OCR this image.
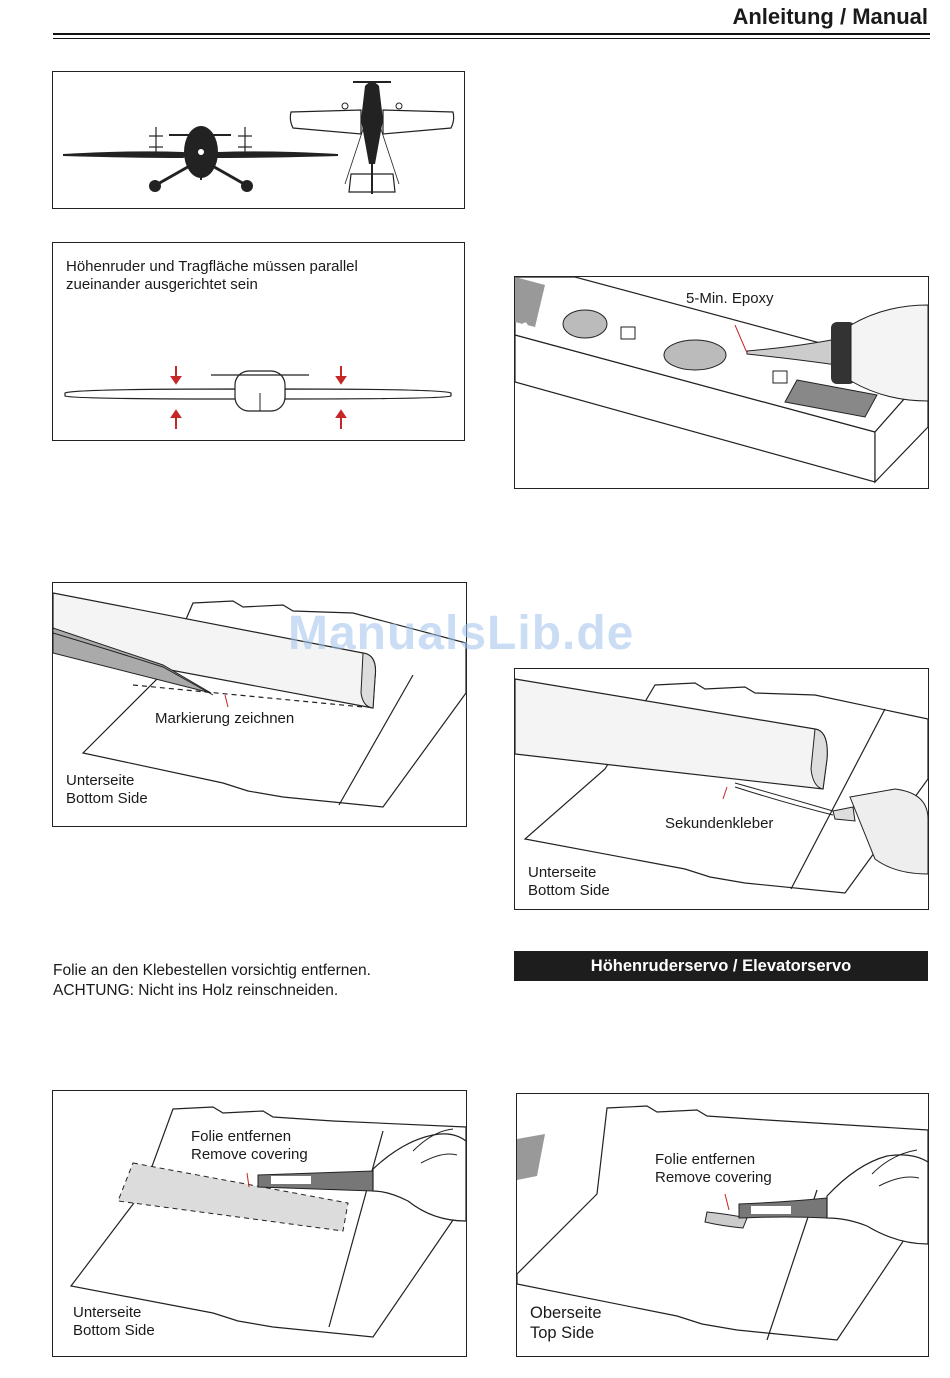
Anleitung / Manual
Höhenruder und Tragfläche müssen parallel
zueinander ausgerichtet sein
5-Min. Epoxy
Markierung zeichnen
Unterseite
Bottom Side
Sekundenkleber
Unterseite
Bottom Side
Folie an den Klebestellen vorsichtig entfernen.
ACHTUNG: Nicht ins Holz reinschneiden.
Höhenruderservo / Elevatorservo
Folie entfernen
Remove covering
Unterseite
Bottom Side
Folie entfernen
Remove covering
Oberseite
Top Side
ManualsLib.de
